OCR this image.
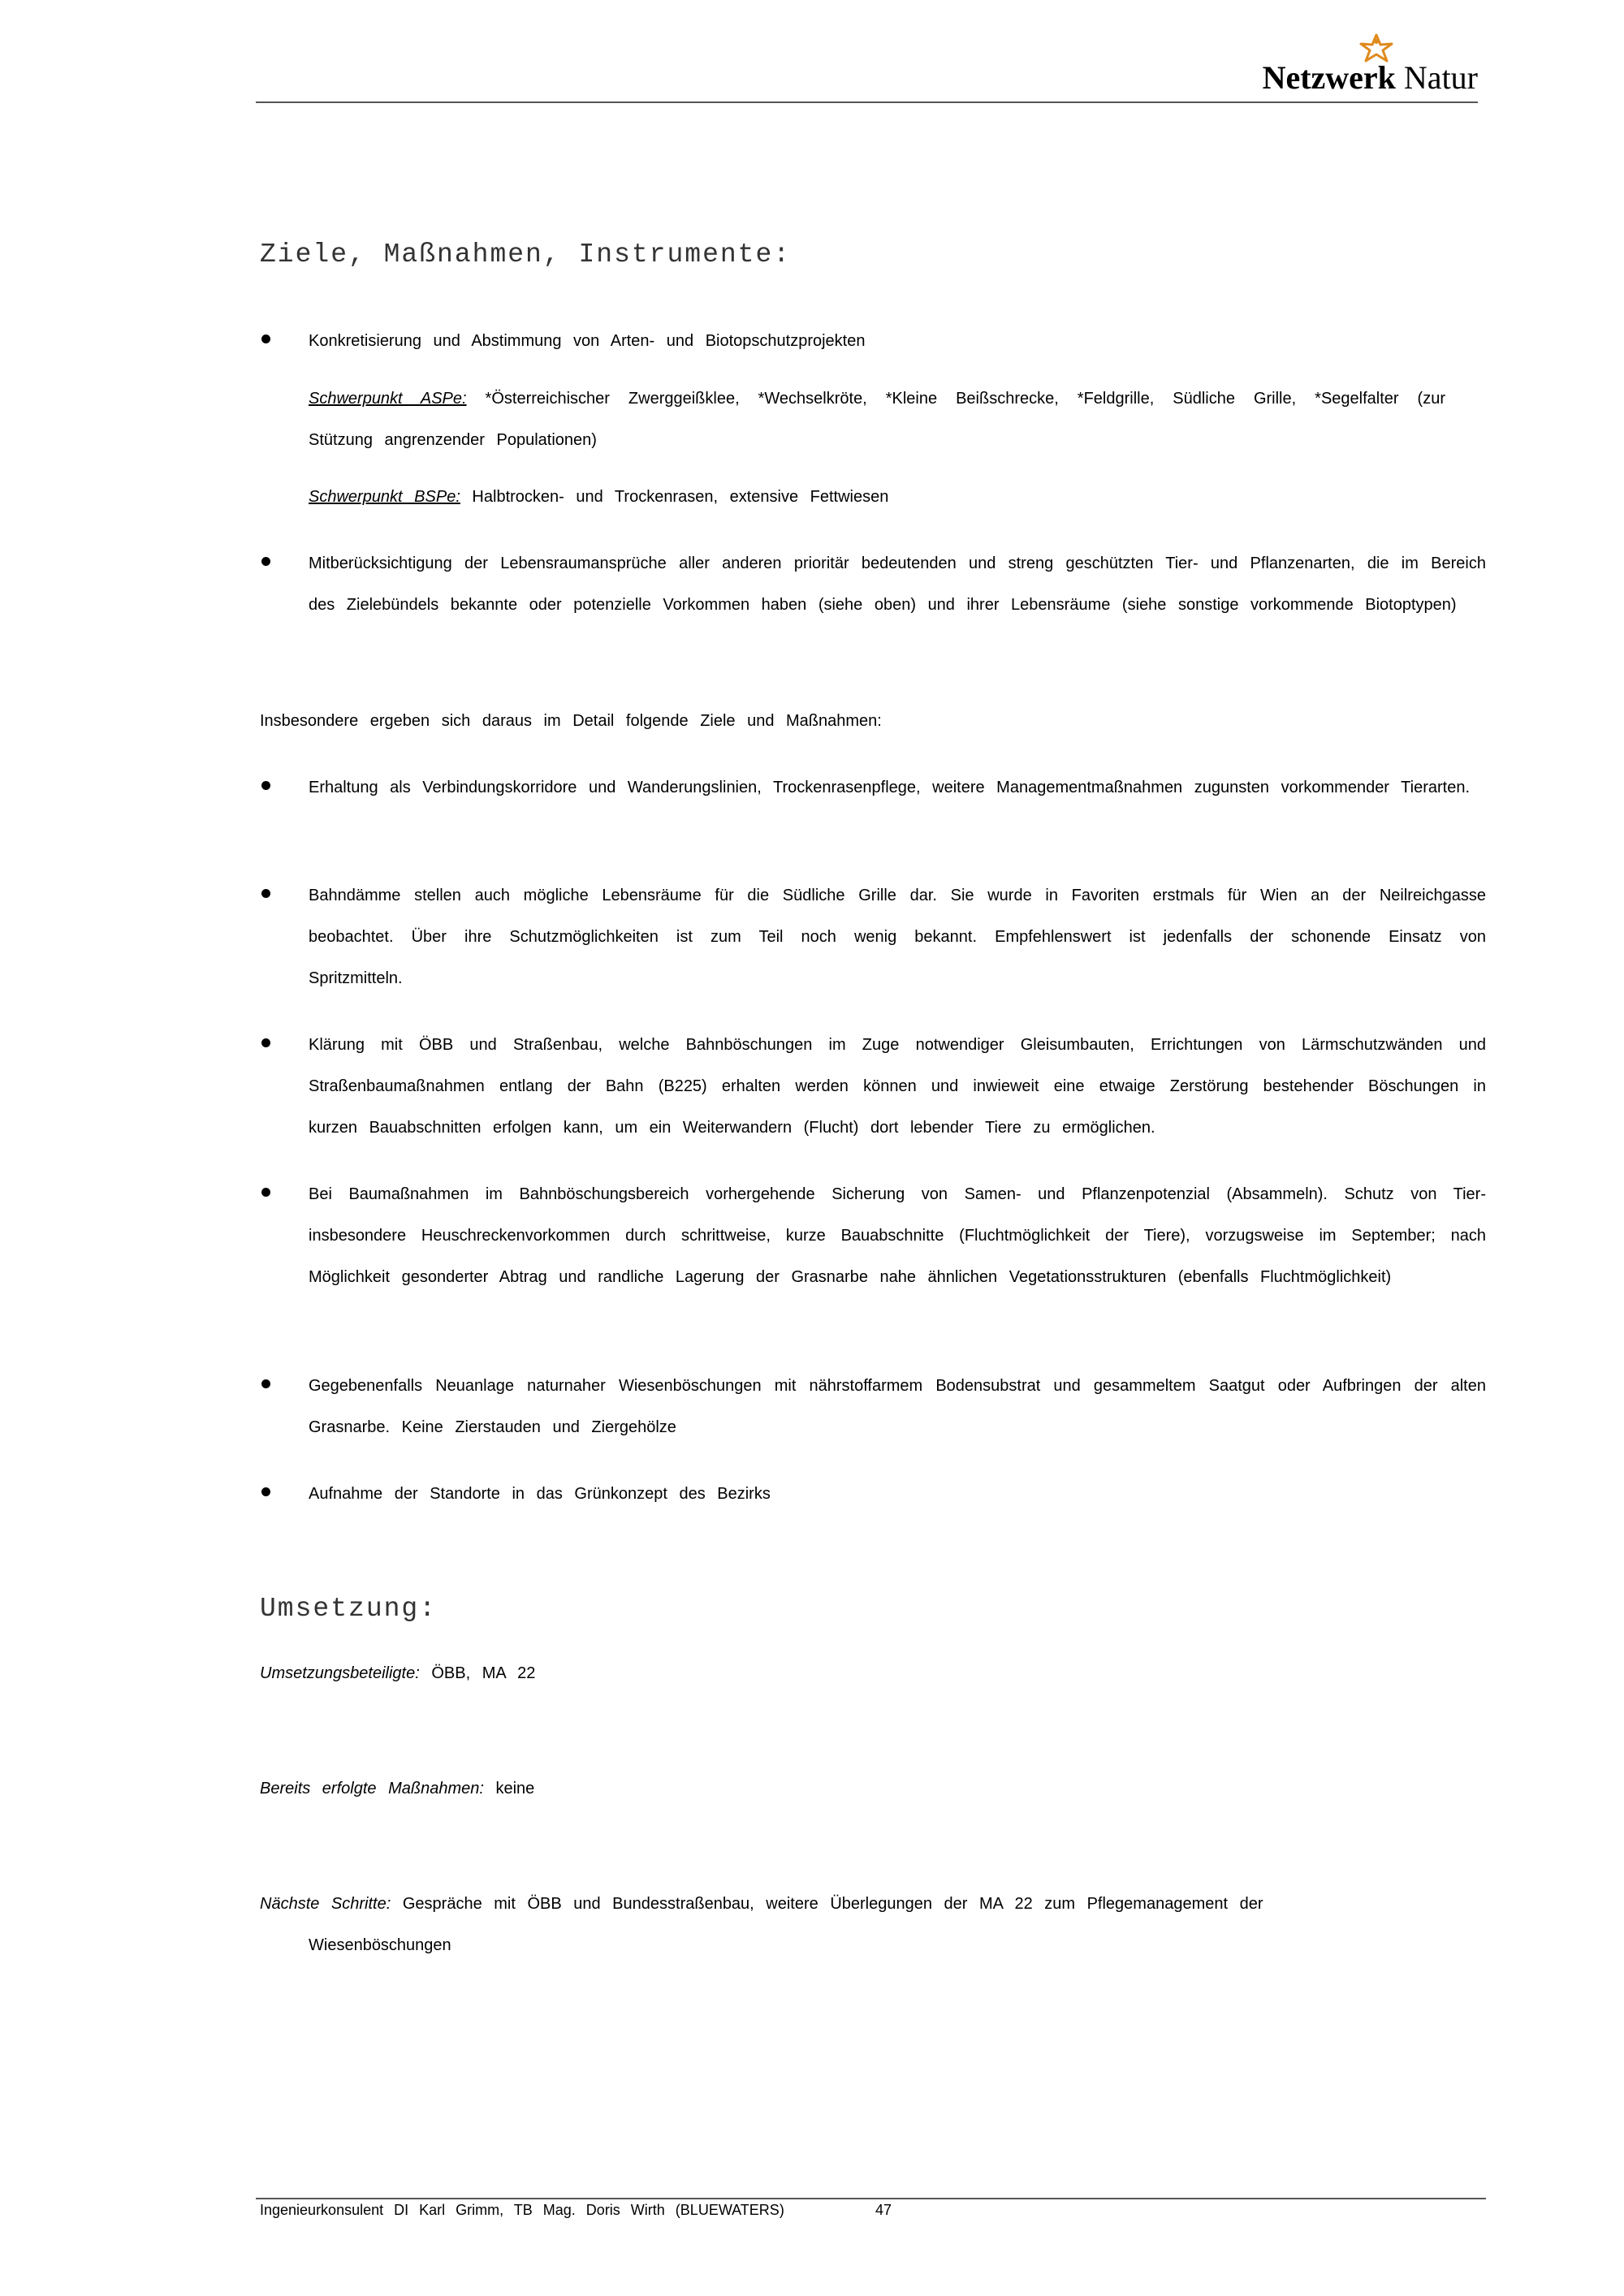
Netzwerk Natur
Ziele, Maßnahmen, Instrumente:
Konkretisierung und Abstimmung von Arten- und Biotopschutzprojekten
Schwerpunkt ASPe: *Österreichischer Zwerggeißklee, *Wechselkröte, *Kleine Beißschrecke, *Feldgrille, Südliche Grille, *Segelfalter (zur Stützung angrenzender Populationen)
Schwerpunkt BSPe: Halbtrocken- und Trockenrasen, extensive Fettwiesen
Mitberücksichtigung der Lebensraumansprüche aller anderen prioritär bedeutenden und streng geschützten Tier- und Pflanzenarten, die im Bereich des Zielebündels bekannte oder potenzielle Vorkommen haben (siehe oben) und ihrer Lebensräume (siehe sonstige vorkommende Biotoptypen)
Insbesondere ergeben sich daraus im Detail folgende Ziele und Maßnahmen:
Erhaltung als Verbindungskorridore und Wanderungslinien, Trockenrasenpflege, weitere Managementmaßnahmen zugunsten vorkommender Tierarten.
Bahndämme stellen auch mögliche Lebensräume für die Südliche Grille dar. Sie wurde in Favoriten erstmals für Wien an der Neilreichgasse beobachtet. Über ihre Schutzmöglichkeiten ist zum Teil noch wenig bekannt. Empfehlenswert ist jedenfalls der schonende Einsatz von Spritzmitteln.
Klärung mit ÖBB und Straßenbau, welche Bahnböschungen im Zuge notwendiger Gleisumbauten, Errichtungen von Lärmschutzwänden und Straßenbaumaßnahmen entlang der Bahn (B225) erhalten werden können und inwieweit eine etwaige Zerstörung bestehender Böschungen in kurzen Bauabschnitten erfolgen kann, um ein Weiterwandern (Flucht) dort lebender Tiere zu ermöglichen.
Bei Baumaßnahmen im Bahnböschungsbereich vorhergehende Sicherung von Samen- und Pflanzenpotenzial (Absammeln). Schutz von Tier- insbesondere Heuschreckenvorkommen durch schrittweise, kurze Bauabschnitte (Fluchtmöglichkeit der Tiere), vorzugsweise im September; nach Möglichkeit gesonderter Abtrag und randliche Lagerung der Grasnarbe nahe ähnlichen Vegetationsstrukturen (ebenfalls Fluchtmöglichkeit)
Gegebenenfalls Neuanlage naturnaher Wiesenböschungen mit nährstoffarmem Bodensubstrat und gesammeltem Saatgut oder Aufbringen der alten Grasnarbe. Keine Zierstauden und Ziergehölze
Aufnahme der Standorte in das Grünkonzept des Bezirks
Umsetzung:
Umsetzungsbeteiligte: ÖBB, MA 22
Bereits erfolgte Maßnahmen: keine
Nächste Schritte: Gespräche mit ÖBB und Bundesstraßenbau, weitere Überlegungen der MA 22 zum Pflegemanagement der
Wiesenböschungen
Ingenieurkonsulent DI Karl Grimm, TB Mag. Doris Wirth (BLUEWATERS)	47
